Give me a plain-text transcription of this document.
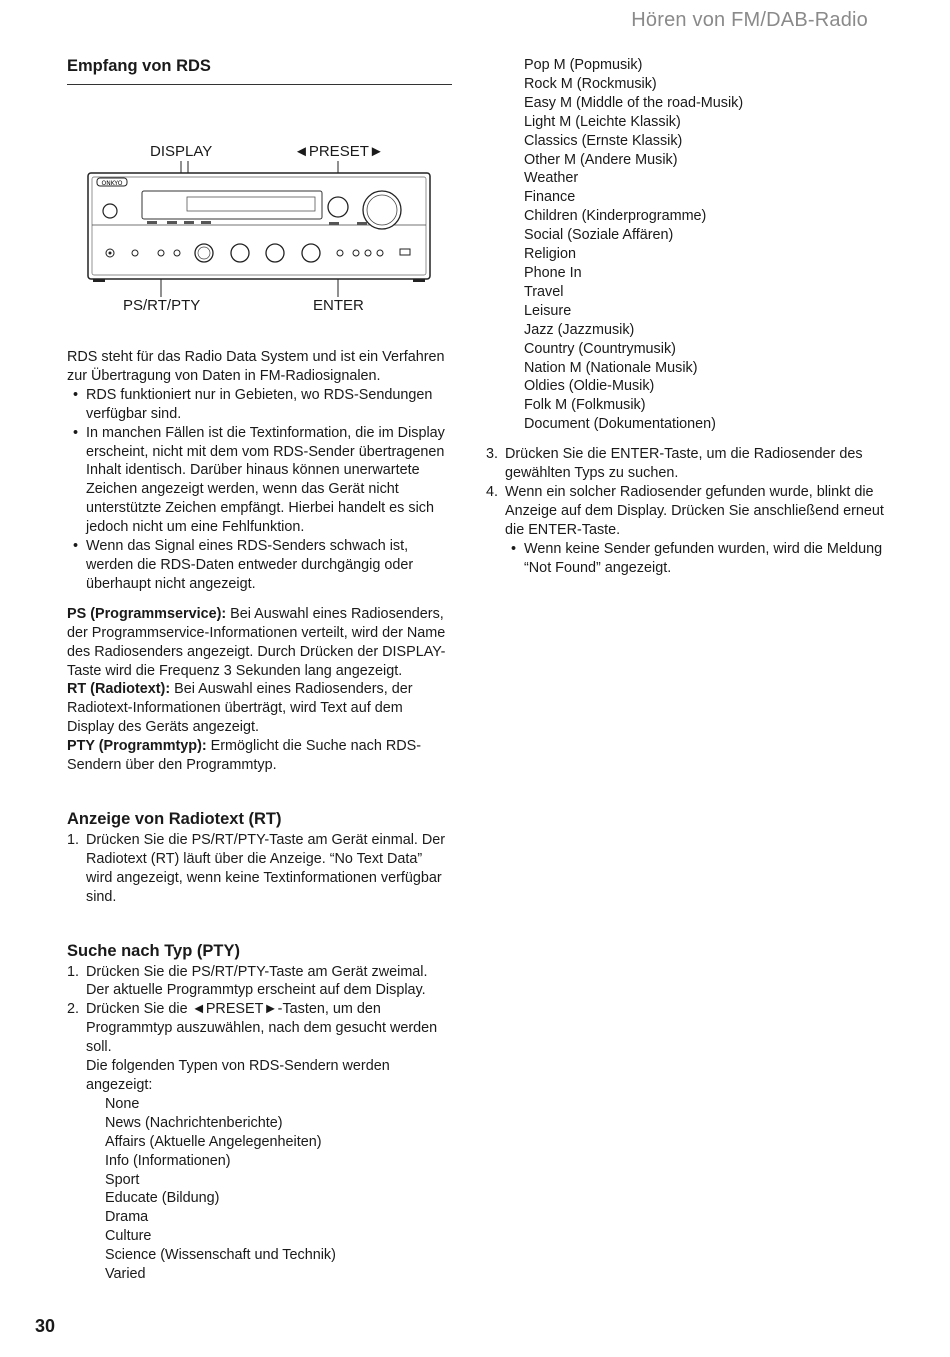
Hören von FM/DAB-Radio
Empfang von RDS
ONKYO
DISPLAY	◄PRESET►
PS/RT/PTY	ENTER

RDS steht für das Radio Data System und ist ein Verfahren zur Übertragung von Daten in FM-Radiosignalen.

• RDS funktioniert nur in Gebieten, wo RDS-Sendungen verfügbar sind.
• In manchen Fällen ist die Textinformation, die im Display erscheint, nicht mit dem vom RDS-Sender übertragenen Inhalt identisch. Darüber hinaus können unerwartete Zeichen angezeigt werden, wenn das Gerät nicht unterstützte Zeichen empfängt. Hierbei handelt es sich jedoch nicht um eine Fehlfunktion.
• Wenn das Signal eines RDS-Senders schwach ist, werden die RDS-Daten entweder durchgängig oder überhaupt nicht angezeigt.

PS (Programmservice): Bei Auswahl eines Radiosenders, der Programmservice-Informationen verteilt, wird der Name des Radiosenders angezeigt. Durch Drücken der DISPLAY-Taste wird die Frequenz 3 Sekunden lang angezeigt.

RT (Radiotext): Bei Auswahl eines Radiosenders, der Radiotext-Informationen überträgt, wird Text auf dem Display des Geräts angezeigt.

PTY (Programmtyp): Ermöglicht die Suche nach RDS-Sendern über den Programmtyp.

Anzeige von Radiotext (RT)
1. Drücken Sie die PS/RT/PTY-Taste am Gerät einmal. Der Radiotext (RT) läuft über die Anzeige. “No Text Data” wird angezeigt, wenn keine Textinformationen verfügbar sind.
Suche nach Typ (PTY)
1. Drücken Sie die PS/RT/PTY-Taste am Gerät zweimal. Der aktuelle Programmtyp erscheint auf dem Display.
2. Drücken Sie die ◄PRESET►-Tasten, um den Programmtyp auszuwählen, nach dem gesucht werden soll.
Die folgenden Typen von RDS-Sendern werden angezeigt:
None
News (Nachrichtenberichte)
Affairs (Aktuelle Angelegenheiten)
Info (Informationen)
Sport
Educate (Bildung)
Drama
Culture
Science (Wissenschaft und Technik)
Varied
Pop M (Popmusik)
Rock M (Rockmusik)
Easy M (Middle of the road-Musik)
Light M (Leichte Klassik)
Classics (Ernste Klassik)
Other M (Andere Musik)
Weather
Finance
Children (Kinderprogramme)
Social (Soziale Affären)
Religion
Phone In
Travel
Leisure
Jazz (Jazzmusik)
Country (Countrymusik)
Nation M (Nationale Musik)
Oldies (Oldie-Musik)
Folk M (Folkmusik)
Document (Dokumentationen)
3. Drücken Sie die ENTER-Taste, um die Radiosender des gewählten Typs zu suchen.
4. Wenn ein solcher Radiosender gefunden wurde, blinkt die Anzeige auf dem Display. Drücken Sie anschließend erneut die ENTER-Taste.
• Wenn keine Sender gefunden wurden, wird die Meldung “Not Found” angezeigt.
30
